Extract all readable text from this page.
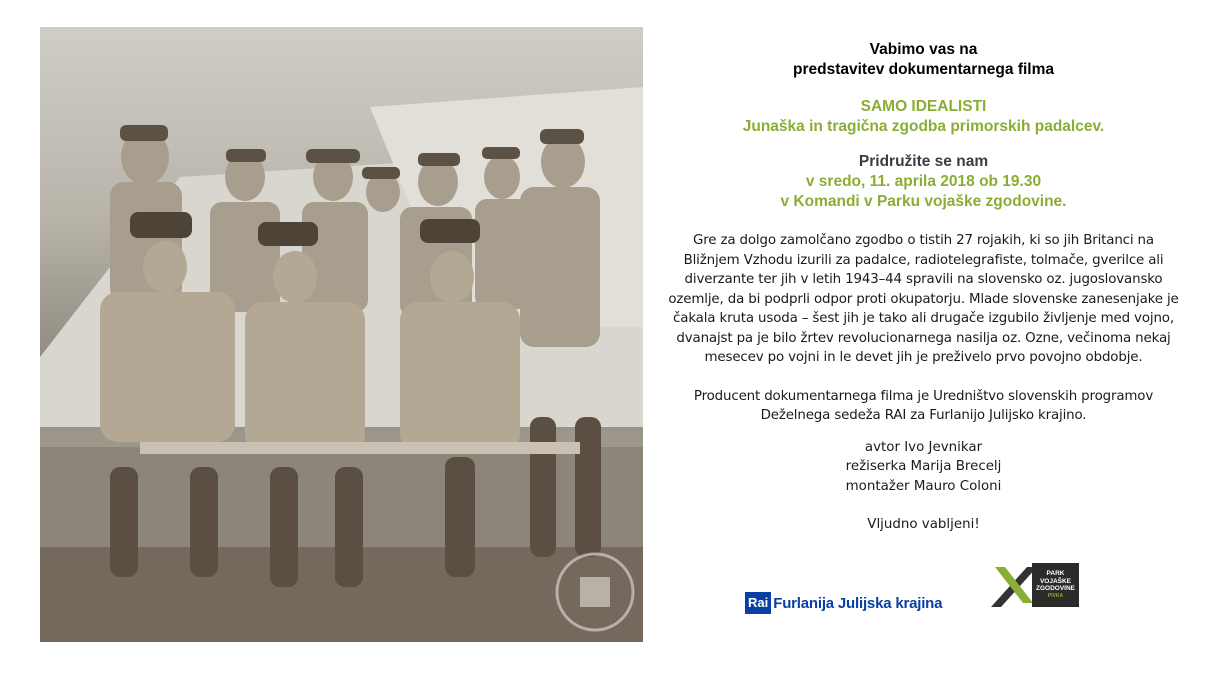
Vabimo vas na
predstavitev dokumentarnega filma
SAMO IDEALISTI
Junaška in tragična zgodba primorskih padalcev.
Pridružite se nam
v sredo, 11. aprila 2018 ob 19.30
v Komandi v Parku vojaške zgodovine.
Gre za dolgo zamolčano zgodbo o tistih 27 rojakih, ki so jih Britanci na
Bližnjem Vzhodu izurili za padalce, radiotelegrafiste, tolmače, gverilce ali
diverzante ter jih v letih 1943–44 spravili na slovensko oz. jugoslovansko
ozemlje, da bi podprli odpor proti okupatorju. Mlade slovenske zanesenjake je
čakala kruta usoda – šest jih je tako ali drugače izgubilo življenje med vojno,
dvanajst pa je bilo žrtev revolucionarnega nasilja oz. Ozne, večinoma nekaj
mesecev po vojni in le devet jih je preživelo prvo povojno obdobje.
Producent dokumentarnega filma je Uredništvo slovenskih programov
Deželnega sedeža RAI za Furlanijo Julijsko krajino.
avtor Ivo Jevnikar
režiserka Marija Brecelj
montažer Mauro Coloni
Vljudno vabljeni!
Rai Furlanija Julijska krajina
PARK
VOJAŠKE
ZGODOVINE
PIVKA
